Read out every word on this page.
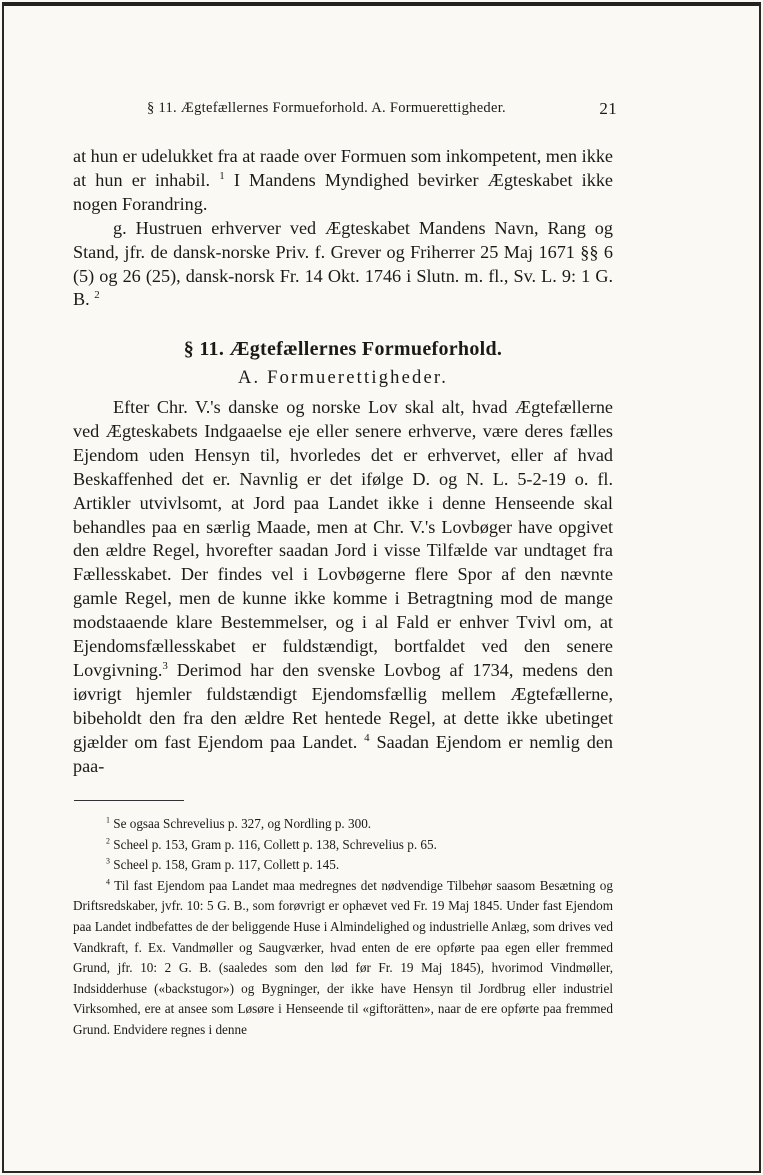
§ 11. Ægtefællernes Formueforhold. A. Formuerettigheder.	21

at hun er udelukket fra at raade over Formuen som inkompetent, men ikke at hun er inhabil. $^1$ I Mandens Myndighed bevirker Ægteskabet ikke nogen Forandring.

g. Hustruen erhverver ved Ægteskabet Mandens Navn, Rang og Stand, jfr. de dansk-norske Priv. f. Grever og Friherrer 25 Maj 1671 §§ 6 (5) og 26 (25), dansk-norsk Fr. 14 Okt. 1746 i Slutn. m. fl., Sv. L. 9: 1 G. B. $^2$

§ 11. Ægtefællernes Formueforhold.
A. Formuerettigheder.

Efter Chr. V.'s danske og norske Lov skal alt, hvad Ægtefællerne ved Ægteskabets Indgaaelse eje eller senere erhverve, være deres fælles Ejendom uden Hensyn til, hvorledes det er erhvervet, eller af hvad Beskaffenhed det er. Navnlig er det ifølge D. og N. L. 5-2-19 o. fl. Artikler utvivlsomt, at Jord paa Landet ikke i denne Henseende skal behandles paa en særlig Maade, men at Chr. V.'s Lovbøger have opgivet den ældre Regel, hvorefter saadan Jord i visse Tilfælde var undtaget fra Fællesskabet. Der findes vel i Lovbøgerne flere Spor af den nævnte gamle Regel, men de kunne ikke komme i Betragtning mod de mange modstaaende klare Bestemmelser, og i al Fald er enhver Tvivl om, at Ejendomsfællesskabet er fuldstændigt, bortfaldet ved den senere Lovgivning.$^3$ Derimod har den svenske Lovbog af 1734, medens den iøvrigt hjemler fuldstændigt Ejendomsfællig mellem Ægtefællerne, bibeholdt den fra den ældre Ret hentede Regel, at dette ikke ubetinget gjælder om fast Ejendom paa Landet. $^4$ Saadan Ejendom er nemlig den paa-

$^1$ Se ogsaa Schrevelius p. 327, og Nordling p. 300.

$^2$ Scheel p. 153, Gram p. 116, Collett p. 138, Schrevelius p. 65.

$^3$ Scheel p. 158, Gram p. 117, Collett p. 145.

$^4$ Til fast Ejendom paa Landet maa medregnes det nødvendige Tilbehør saasom Besætning og Driftsredskaber, jvfr. 10: 5 G. B., som forøvrigt er ophævet ved Fr. 19 Maj 1845. Under fast Ejendom paa Landet indbefattes de der beliggende Huse i Almindelighed og industrielle Anlæg, som drives ved Vandkraft, f. Ex. Vandmøller og Saugværker, hvad enten de ere opførte paa egen eller fremmed Grund, jfr. 10: 2 G. B. (saaledes som den lød før Fr. 19 Maj 1845), hvorimod Vindmøller, Indsidderhuse («backstugor») og Bygninger, der ikke have Hensyn til Jordbrug eller industriel Virksomhed, ere at ansee som Løsøre i Henseende til «giftorätten», naar de ere opførte paa fremmed Grund. Endvidere regnes i denne
